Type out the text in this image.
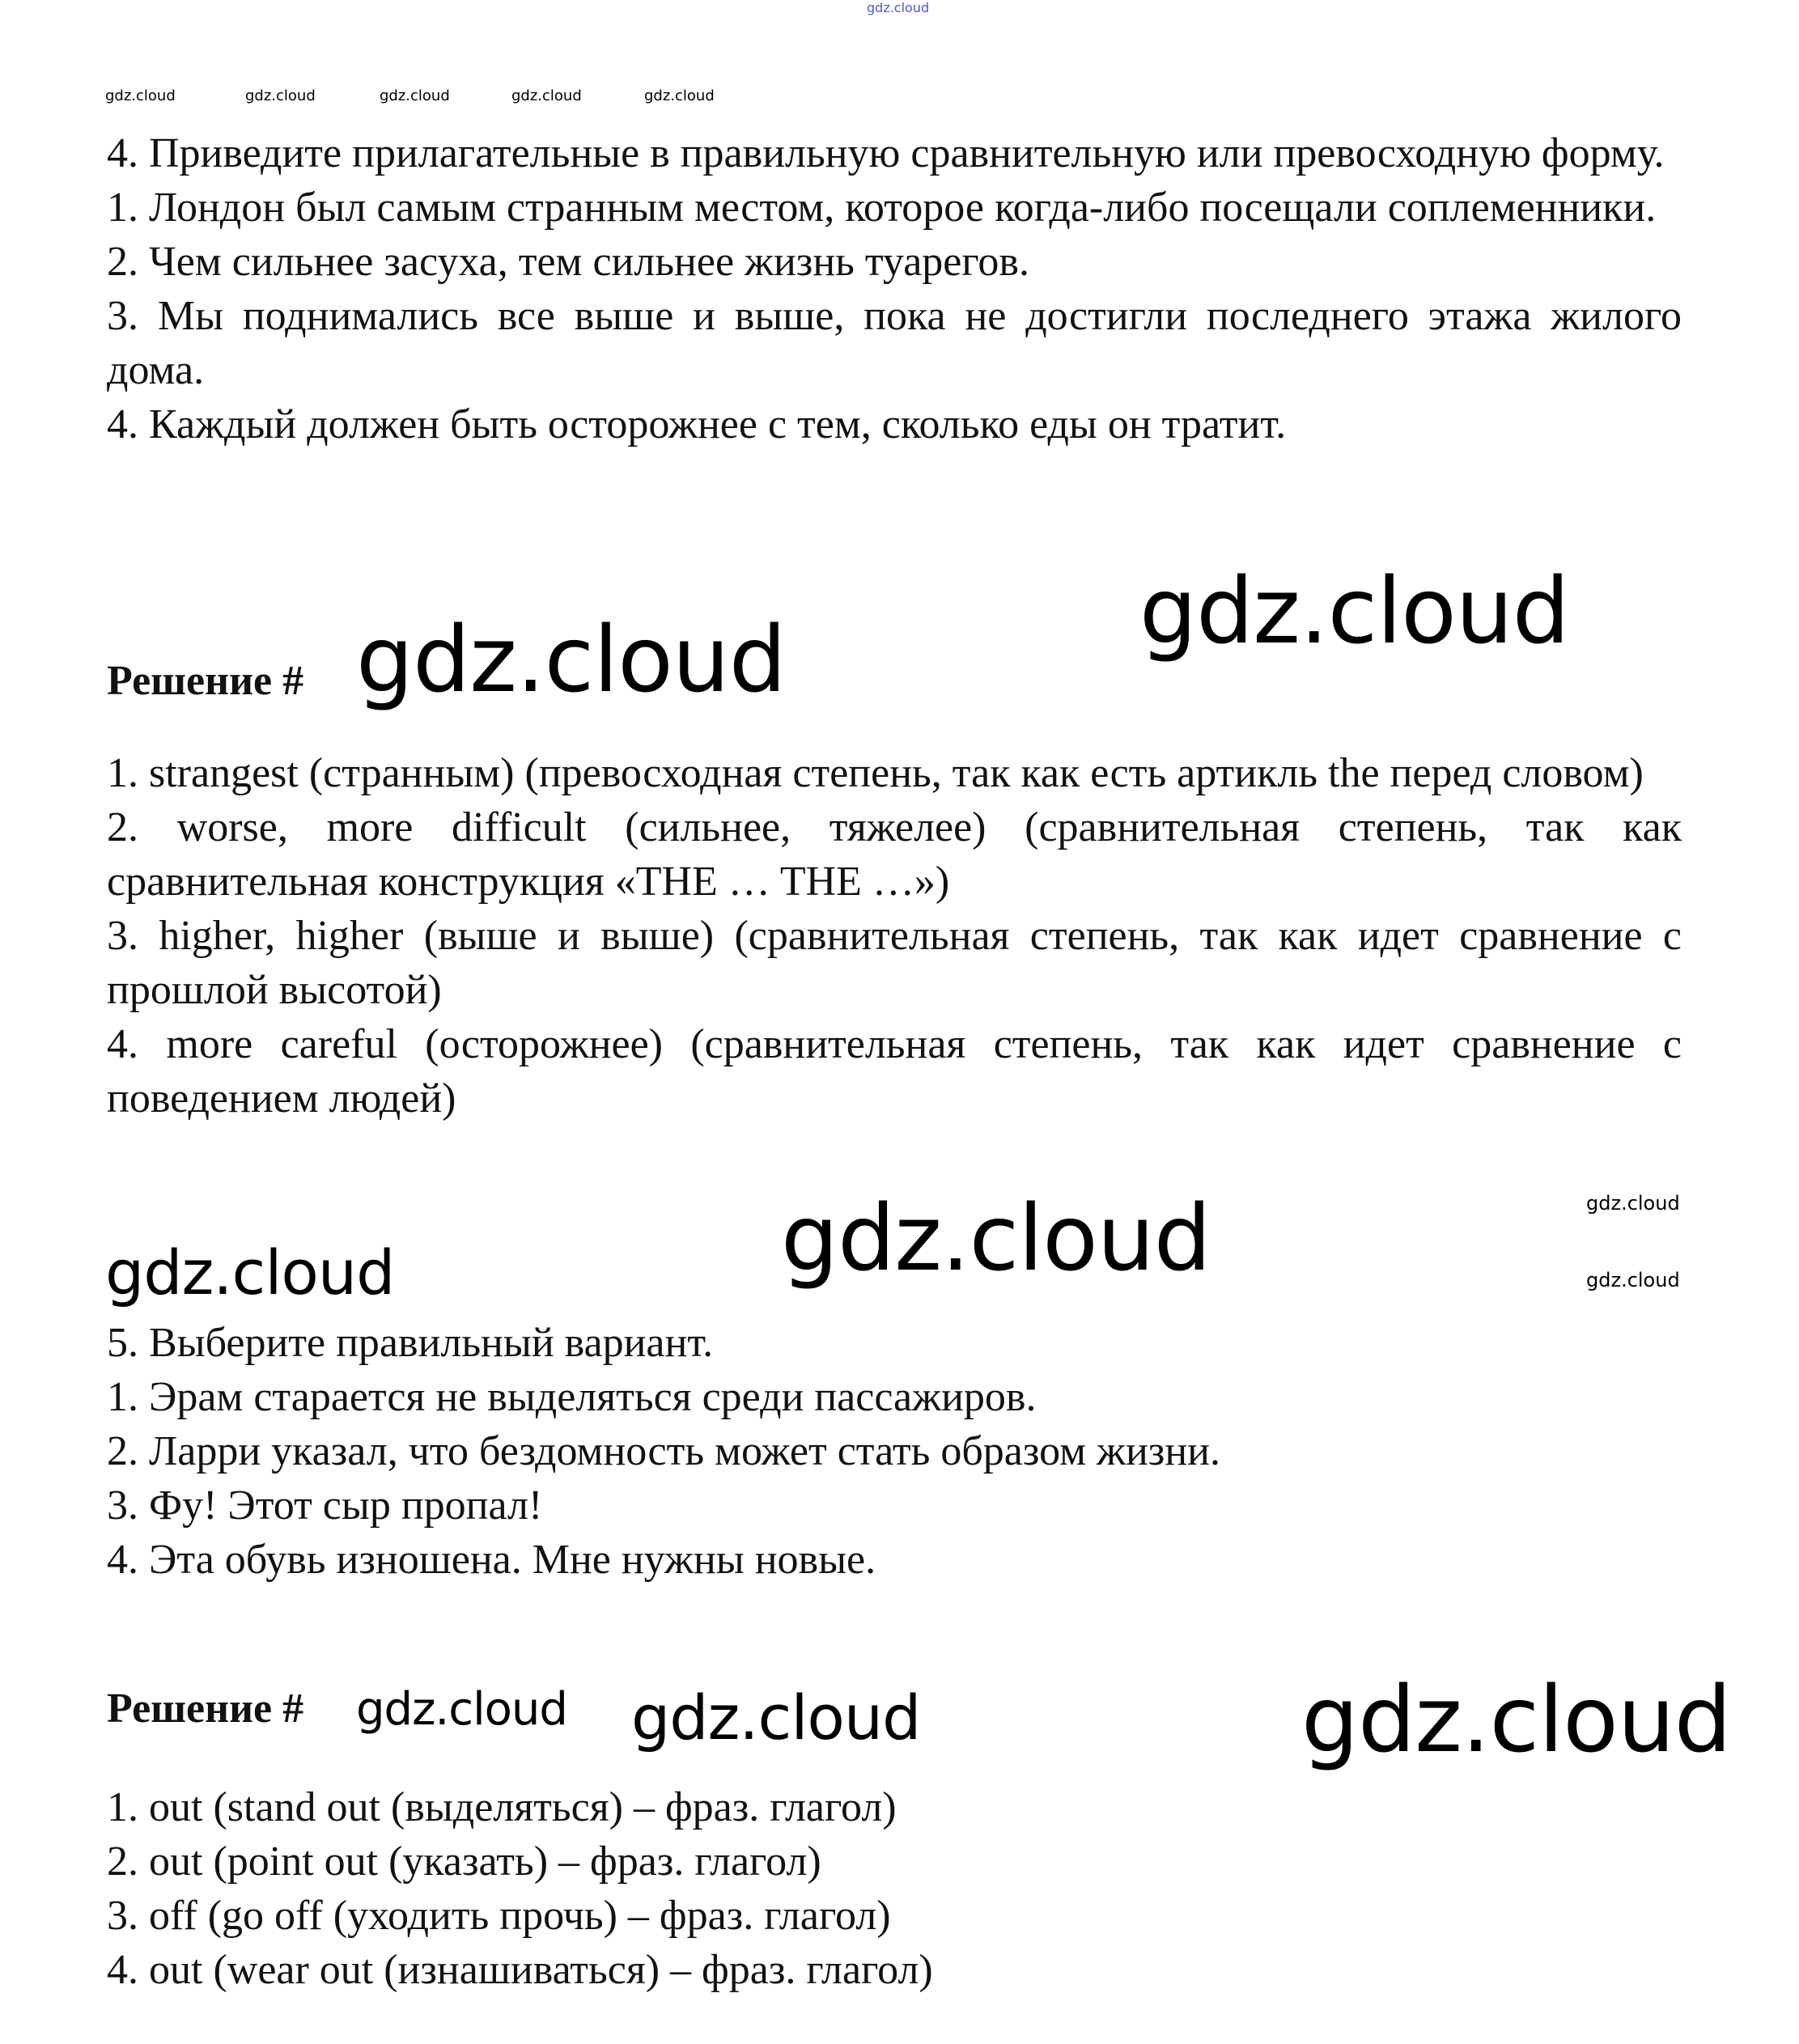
gdz.cloud

4. Приведите прилагательные в правильную сравнительную или превосходную форму.

1. Лондон был самым странным местом, которое когда-либо посещали соплеменники.

2. Чем сильнее засуха, тем сильнее жизнь туарегов.

3. Мы поднимались все выше и выше, пока не достигли последнего этажа жилого дома.

4. Каждый должен быть осторожнее с тем, сколько еды он тратит.

Решение #

1. strangest (странным) (превосходная степень, так как есть артикль the перед словом)

2. worse, more difficult (сильнее, тяжелее) (сравнительная степень, так как сравнительная конструкция «THE … THE …»)

3. higher, higher (выше и выше) (сравнительная степень, так как идет сравнение с прошлой высотой)

4. more careful (осторожнее) (сравнительная степень, так как идет сравнение с поведением людей)

5. Выберите правильный вариант.

1. Эрам старается не выделяться среди пассажиров.

2. Ларри указал, что бездомность может стать образом жизни.

3. Фу! Этот сыр пропал!

4. Эта обувь изношена. Мне нужны новые.

Решение #

1. out (stand out (выделяться) – фраз. глагол)

2. out (point out (указать) – фраз. глагол)

3. off (go off (уходить прочь) – фраз. глагол)

4. out (wear out (изнашиваться) – фраз. глагол)

gdz.cloud	gdz.cloud	gdz.cloud	gdz.cloud	gdz.cloud
gdz.cloud
gdz.cloud
gdz.cloud
gdz.cloud
gdz.cloud	gdz.cloud
gdz.cloud
gdz.cloud	gdz.cloud
